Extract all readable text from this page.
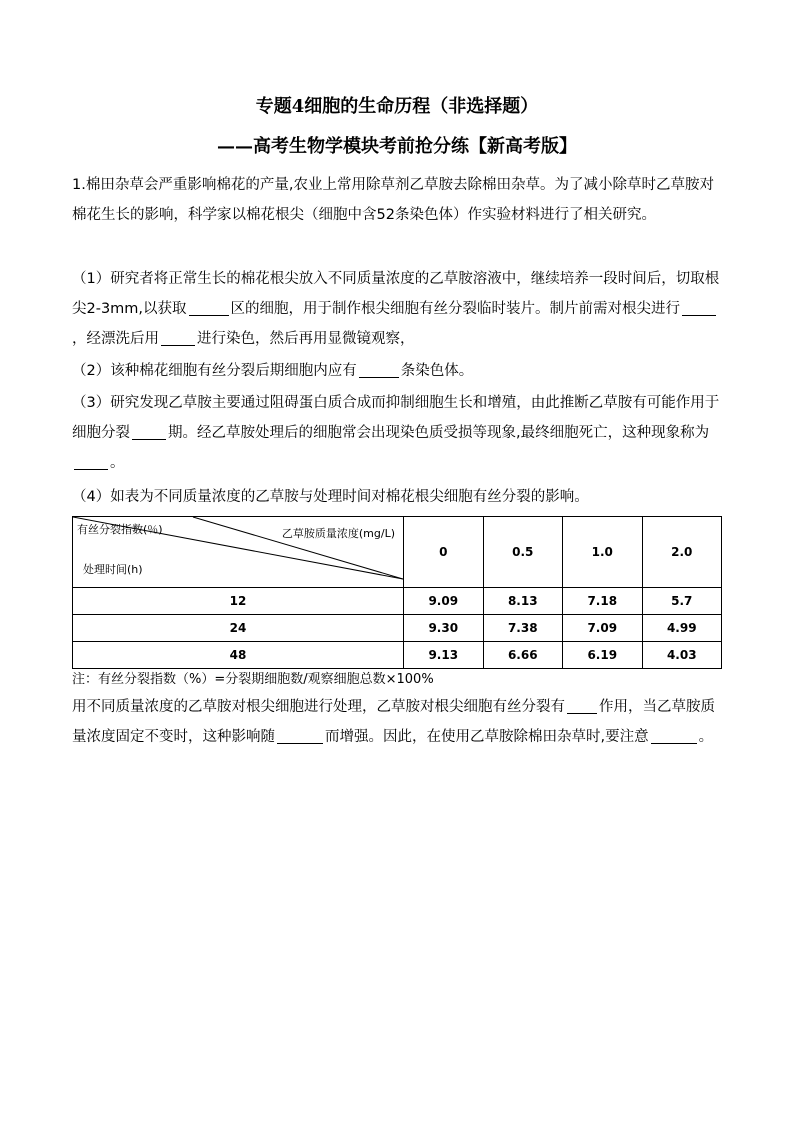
专题4细胞的生命历程（非选择题）
——高考生物学模块考前抢分练【新高考版】

1.棉田杂草会严重影响棉花的产量,农业上常用除草剂乙草胺去除棉田杂草。为了减小除草时乙草胺对棉花生长的影响，科学家以棉花根尖（细胞中含52条染色体）作实验材料进行了相关研究。

（1）研究者将正常生长的棉花根尖放入不同质量浓度的乙草胺溶液中，继续培养一段时间后，切取根尖2-3mm,以获取	区的细胞，用于制作根尖细胞有丝分裂临时装片。制片前需对根尖进行，经漂洗后用	进行染色，然后再用显微镜观察，

（2）该种棉花细胞有丝分裂后期细胞内应有	条染色体。

（3）研究发现乙草胺主要通过阻碍蛋白质合成而抑制细胞生长和增殖，由此推断乙草胺有可能作用于细胞分裂	期。经乙草胺处理后的细胞常会出现染色质受损等现象,最终细胞死亡，这种现象称为。

（4）如表为不同质量浓度的乙草胺与处理时间对棉花根尖细胞有丝分裂的影响。

有丝分裂指数(％) 乙草胺质量浓度(mg/L)
处理时间(h)	0	0.5	1.0	2.0
12	9.09	8.13	7.18	5.7
24	9.30	7.38	7.09	4.99
48	9.13	6.66	6.19	4.03
注：有丝分裂指数（%）=分裂期细胞数/观察细胞总数×100%

用不同质量浓度的乙草胺对根尖细胞进行处理，乙草胺对根尖细胞有丝分裂有 作用，当乙草胺质量浓度固定不变时，这种影响随	而增强。因此，在使用乙草胺除棉田杂草时,要注意	。
